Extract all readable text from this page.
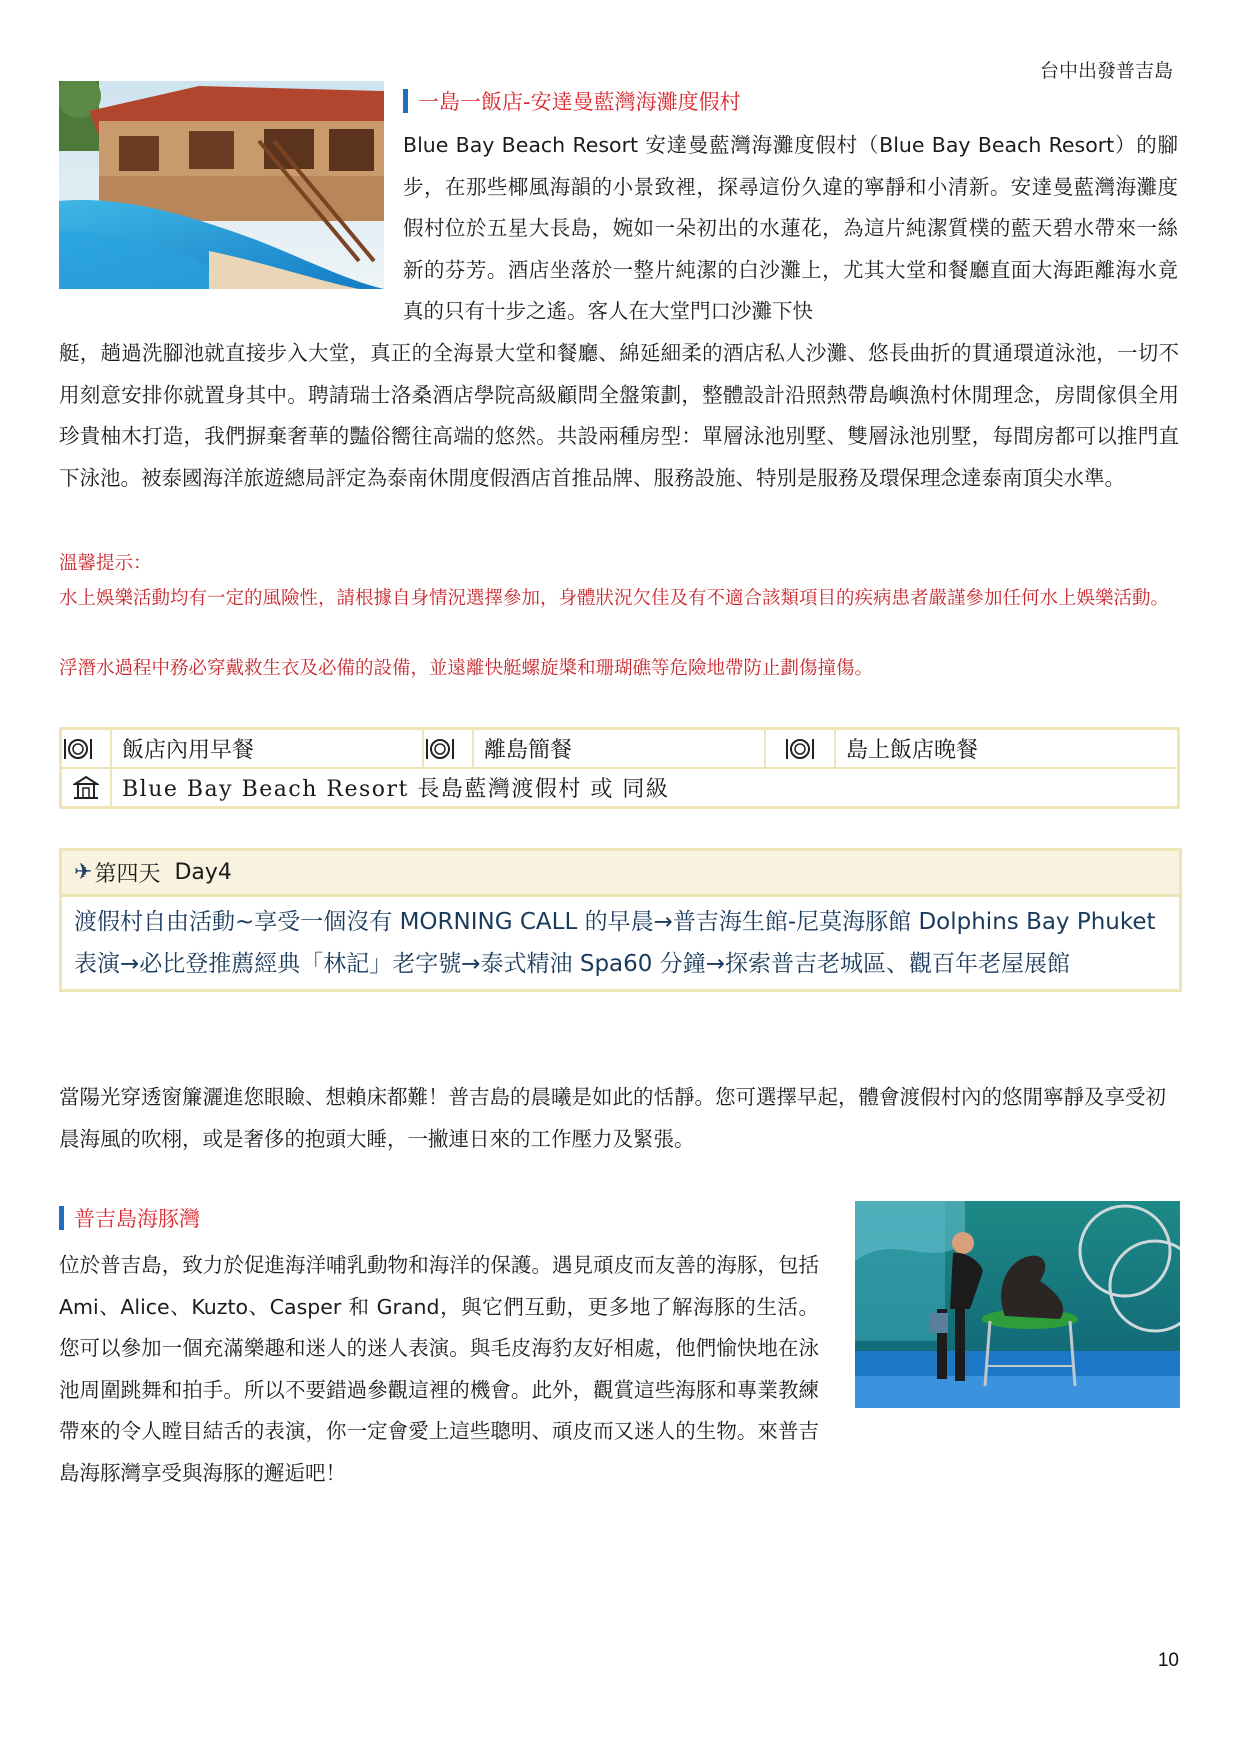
台中出發普吉島
一島一飯店-安達曼藍灣海灘度假村
Blue Bay Beach Resort 安達曼藍灣海灘度假村（Blue Bay Beach Resort）的腳步，在那些椰風海韻的小景致裡，探尋這份久違的寧靜和小清新。安達曼藍灣海灘度假村位於五星大長島，婉如一朵初出的水蓮花，為這片純潔質樸的藍天碧水帶來一絲新的芬芳。酒店坐落於一整片純潔的白沙灘上，尤其大堂和餐廳直面大海距離海水竟真的只有十步之遙。客人在大堂門口沙灘下快
艇，趟過洗腳池就直接步入大堂，真正的全海景大堂和餐廳、綿延細柔的酒店私人沙灘、悠長曲折的貫通環道泳池，一切不用刻意安排你就置身其中。聘請瑞士洛桑酒店學院高級顧問全盤策劃，整體設計沿照熱帶島嶼漁村休閒理念，房間傢俱全用珍貴柚木打造，我們摒棄奢華的豔俗嚮往高端的悠然。共設兩種房型：單層泳池別墅、雙層泳池別墅，每間房都可以推門直下泳池。被泰國海洋旅遊總局評定為泰南休閒度假酒店首推品牌、服務設施、特別是服務及環保理念達泰南頂尖水準。
溫馨提示：
水上娛樂活動均有一定的風險性，請根據自身情況選擇參加，身體狀況欠佳及有不適合該類項目的疾病患者嚴謹參加任何水上娛樂活動。
浮潛水過程中務必穿戴救生衣及必備的設備，並遠離快艇螺旋槳和珊瑚礁等危險地帶防止劃傷撞傷。
	飯店內用早餐		離島簡餐		島上飯店晚餐

	Blue Bay Beach Resort 長島藍灣渡假村 或 同級				
✈ 第四天 Day4
渡假村自由活動~享受一個沒有 MORNING CALL 的早晨→普吉海生館-尼莫海豚館 Dolphins Bay Phuket 表演→必比登推薦經典「林記」老字號→泰式精油 Spa60 分鐘→探索普吉老城區、觀百年老屋展館
當陽光穿透窗簾灑進您眼瞼、想賴床都難！普吉島的晨曦是如此的恬靜。您可選擇早起，體會渡假村內的悠閒寧靜及享受初晨海風的吹栩，或是奢侈的抱頭大睡，一撇連日來的工作壓力及緊張。
普吉島海豚灣
位於普吉島，致力於促進海洋哺乳動物和海洋的保護。遇見頑皮而友善的海豚，包括 Ami、Alice、Kuzto、Casper 和 Grand，與它們互動，更多地了解海豚的生活。您可以參加一個充滿樂趣和迷人的迷人表演。與毛皮海豹友好相處，他們愉快地在泳池周圍跳舞和拍手。所以不要錯過參觀這裡的機會。此外，觀賞這些海豚和專業教練帶來的令人瞠目結舌的表演，你一定會愛上這些聰明、頑皮而又迷人的生物。來普吉島海豚灣享受與海豚的邂逅吧！
10
